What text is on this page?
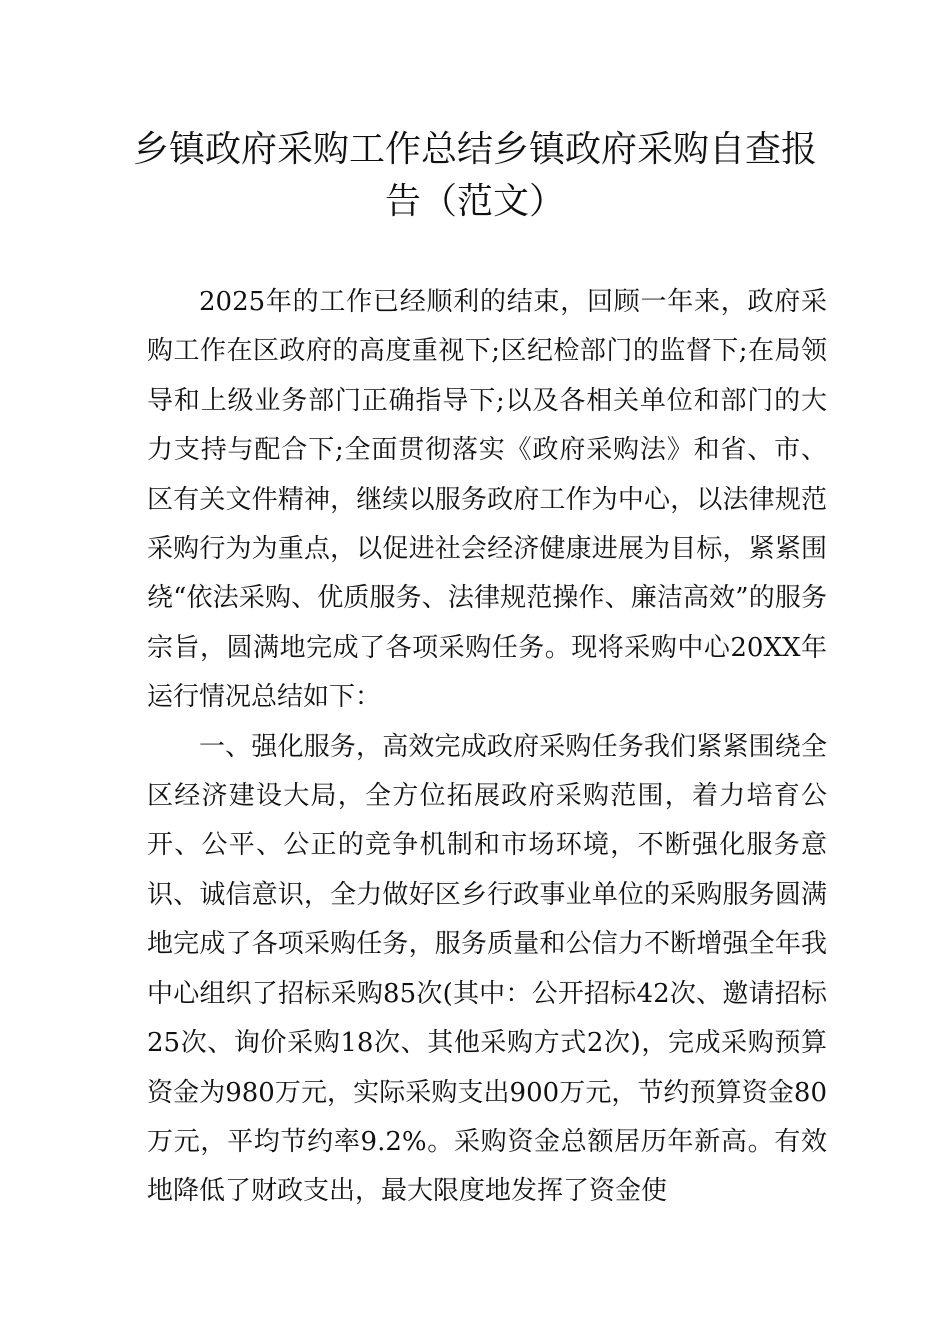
乡镇政府采购工作总结乡镇政府采购自查报告（范文）

2025年的工作已经顺利的结束，回顾一年来，政府采购工作在区政府的高度重视下;区纪检部门的监督下;在局领导和上级业务部门正确指导下;以及各相关单位和部门的大力支持与配合下;全面贯彻落实《政府采购法》和省、市、区有关文件精神，继续以服务政府工作为中心，以法律规范采购行为为重点，以促进社会经济健康进展为目标，紧紧围绕“依法采购、优质服务、法律规范操作、廉洁高效”的服务宗旨，圆满地完成了各项采购任务。现将采购中心20XX年运行情况总结如下：

一、强化服务，高效完成政府采购任务我们紧紧围绕全区经济建设大局，全方位拓展政府采购范围，着力培育公开、公平、公正的竞争机制和市场环境，不断强化服务意识、诚信意识，全力做好区乡行政事业单位的采购服务圆满地完成了各项采购任务，服务质量和公信力不断增强全年我中心组织了招标采购85次(其中：公开招标42次、邀请招标25次、询价采购18次、其他采购方式2次)，完成采购预算资金为980万元，实际采购支出900万元，节约预算资金80万元，平均节约率9.2%。采购资金总额居历年新高。有效地降低了财政支出，最大限度地发挥了资金使
